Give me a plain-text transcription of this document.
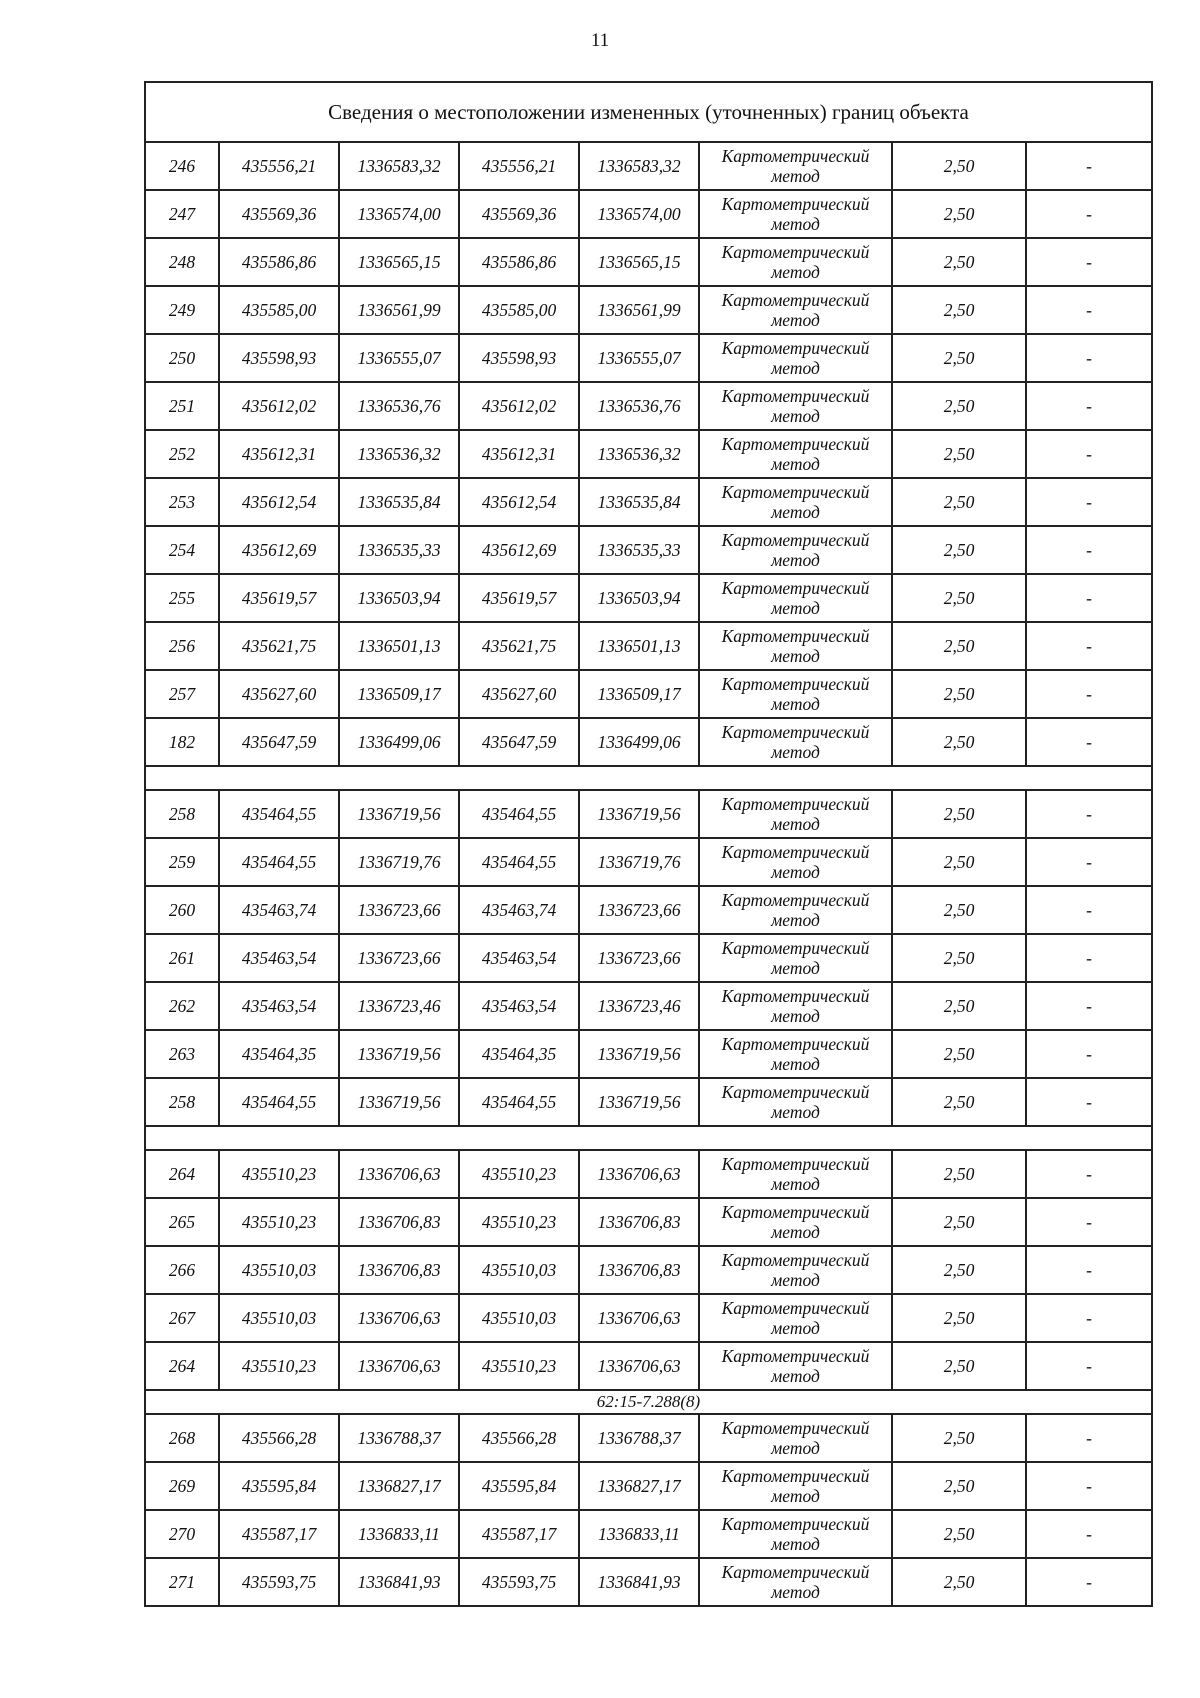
11
Сведения о местоположении измененных (уточненных) границ объекта							
246	435556,21	1336583,32	435556,21	1336583,32	Картометрический
метод	2,50	-
247	435569,36	1336574,00	435569,36	1336574,00	Картометрический
метод	2,50	-
248	435586,86	1336565,15	435586,86	1336565,15	Картометрический
метод	2,50	-
249	435585,00	1336561,99	435585,00	1336561,99	Картометрический
метод	2,50	-
250	435598,93	1336555,07	435598,93	1336555,07	Картометрический
метод	2,50	-
251	435612,02	1336536,76	435612,02	1336536,76	Картометрический
метод	2,50	-
252	435612,31	1336536,32	435612,31	1336536,32	Картометрический
метод	2,50	-
253	435612,54	1336535,84	435612,54	1336535,84	Картометрический
метод	2,50	-
254	435612,69	1336535,33	435612,69	1336535,33	Картометрический
метод	2,50	-
255	435619,57	1336503,94	435619,57	1336503,94	Картометрический
метод	2,50	-
256	435621,75	1336501,13	435621,75	1336501,13	Картометрический
метод	2,50	-
257	435627,60	1336509,17	435627,60	1336509,17	Картометрический
метод	2,50	-
182	435647,59	1336499,06	435647,59	1336499,06	Картометрический
метод	2,50	-

258	435464,55	1336719,56	435464,55	1336719,56	Картометрический
метод	2,50	-
259	435464,55	1336719,76	435464,55	1336719,76	Картометрический
метод	2,50	-
260	435463,74	1336723,66	435463,74	1336723,66	Картометрический
метод	2,50	-
261	435463,54	1336723,66	435463,54	1336723,66	Картометрический
метод	2,50	-
262	435463,54	1336723,46	435463,54	1336723,46	Картометрический
метод	2,50	-
263	435464,35	1336719,56	435464,35	1336719,56	Картометрический
метод	2,50	-
258	435464,55	1336719,56	435464,55	1336719,56	Картометрический
метод	2,50	-

264	435510,23	1336706,63	435510,23	1336706,63	Картометрический
метод	2,50	-
265	435510,23	1336706,83	435510,23	1336706,83	Картометрический
метод	2,50	-
266	435510,03	1336706,83	435510,03	1336706,83	Картометрический
метод	2,50	-
267	435510,03	1336706,63	435510,03	1336706,63	Картометрический
метод	2,50	-
264	435510,23	1336706,63	435510,23	1336706,63	Картометрический
метод	2,50	-
62:15-7.288(8)							
268	435566,28	1336788,37	435566,28	1336788,37	Картометрический
метод	2,50	-
269	435595,84	1336827,17	435595,84	1336827,17	Картометрический
метод	2,50	-
270	435587,17	1336833,11	435587,17	1336833,11	Картометрический
метод	2,50	-
271	435593,75	1336841,93	435593,75	1336841,93	Картометрический
метод	2,50	-
